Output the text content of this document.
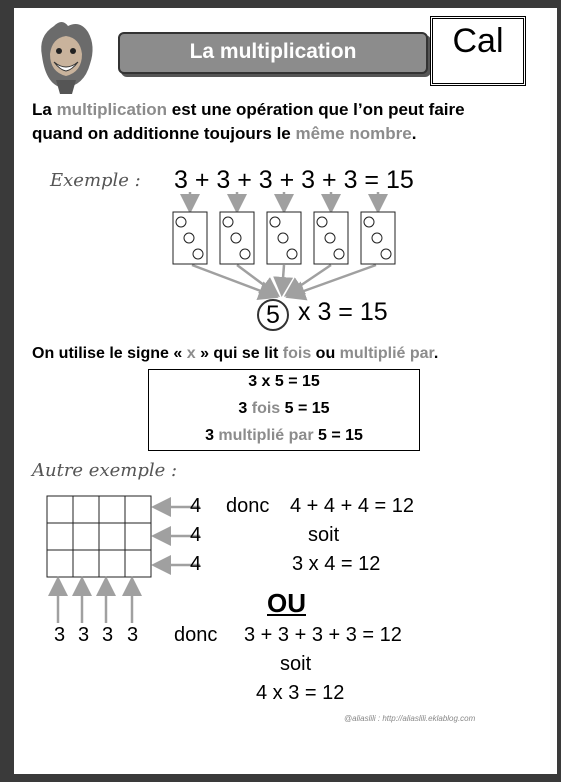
La multiplication	Cal
La multiplication est une opération que l’on peut faire
quand on additionne toujours le même nombre.
Exemple : 3 + 3 + 3 + 3 + 3 = 15
5 x 3 = 15
On utilise le signe « x » qui se lit fois ou multiplié par.
3 x 5 = 15
3 fois 5 = 15
3 multiplié par 5 = 15
Autre exemple :
4
4
4
donc 4 + 4 + 4 = 12
soit
3 x 4 = 12
OU
3 3 3 3 donc 3 + 3 + 3 + 3 = 12
soit
4 x 3 = 12
@aliaslili : http://aliaslili.eklablog.com
